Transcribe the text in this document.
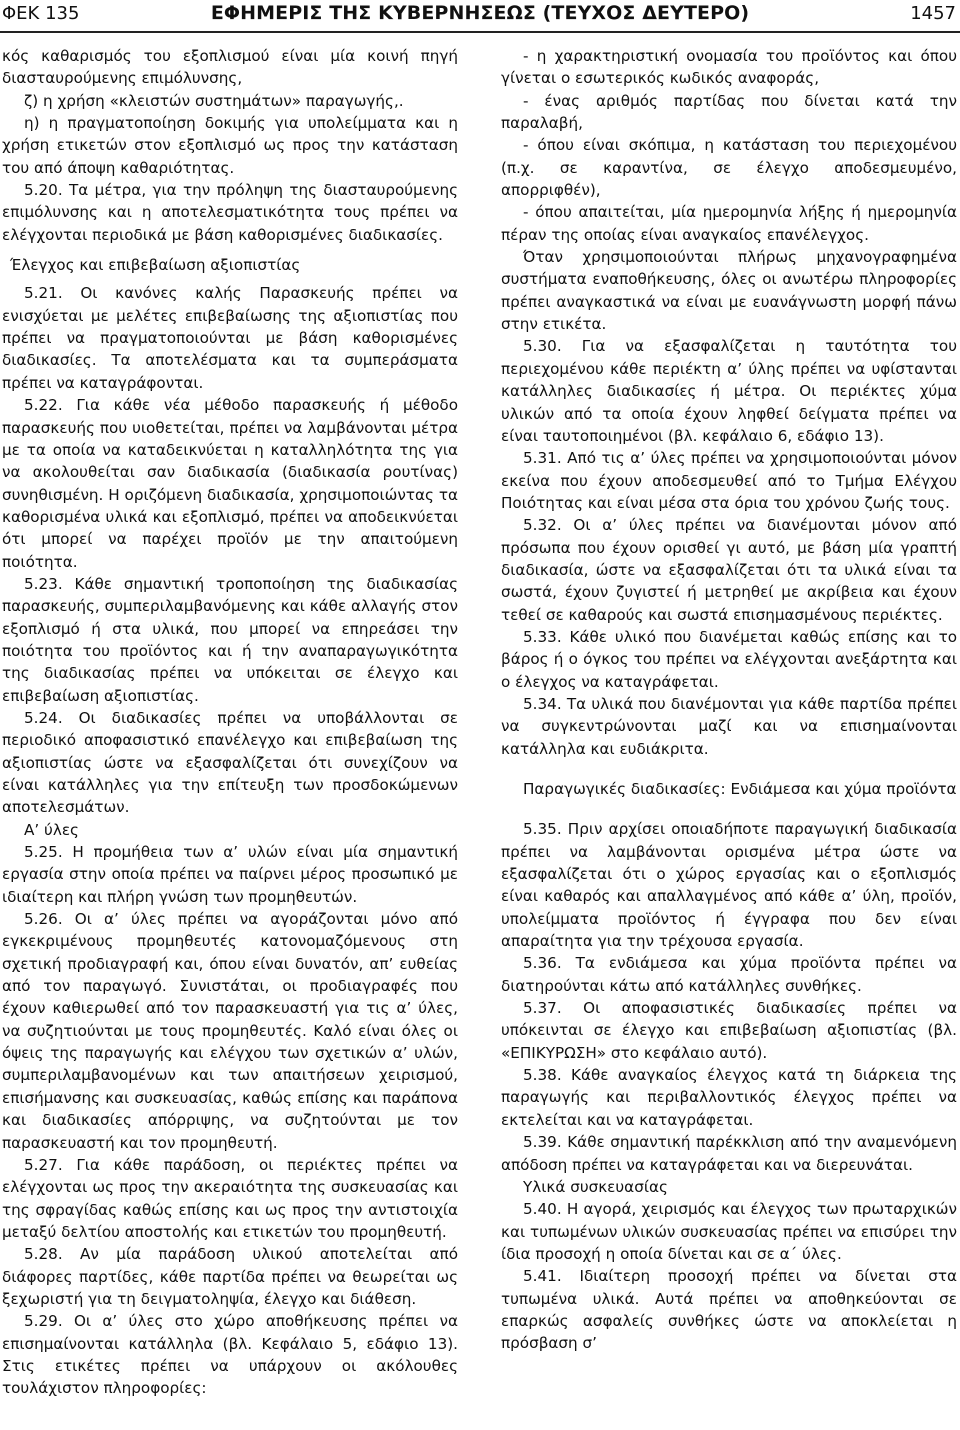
ΦΕΚ 135	ΕΦΗΜΕΡΙΣ ΤΗΣ ΚΥΒΕΡΝΗΣΕΩΣ (ΤΕΥΧΟΣ ΔΕΥΤΕΡΟ)	1457

κός καθαρισμός του εξοπλισμού είναι μία κοινή πηγή διασταυρούμενης επιμόλυνσης,

ζ) η χρήση «κλειστών συστημάτων» παραγωγής,.

η) η πραγματοποίηση δοκιμής για υπολείμματα και η χρήση ετικετών στον εξοπλισμό ως προς την κατάσταση του από άποψη καθαριότητας.

5.20. Τα μέτρα, για την πρόληψη της διασταυρούμενης επιμόλυνσης και η αποτελεσματικότητα τους πρέπει να ελέγχονται περιοδικά με βάση καθορισμένες διαδικασίες.

Έλεγχος και επιβεβαίωση αξιοπιστίας

5.21. Οι κανόνες καλής Παρασκευής πρέπει να ενισχύεται με μελέτες επιβεβαίωσης της αξιοπιστίας που πρέπει να πραγματοποιούνται με βάση καθορισμένες διαδικασίες. Τα αποτελέσματα και τα συμπεράσματα πρέπει να καταγράφονται.

5.22. Για κάθε νέα μέθοδο παρασκευής ή μέθοδο παρασκευής που υιοθετείται, πρέπει να λαμβάνονται μέτρα με τα οποία να καταδεικνύεται η καταλληλότητα της για να ακολουθείται σαν διαδικασία (διαδικασία ρουτίνας) συνηθισμένη. Η οριζόμενη διαδικασία, χρησιμοποιώντας τα καθορισμένα υλικά και εξοπλισμό, πρέπει να αποδεικνύεται ότι μπορεί να παρέχει προϊόν με την απαιτούμενη ποιότητα.

5.23. Κάθε σημαντική τροποποίηση της διαδικασίας παρασκευής, συμπεριλαμβανόμενης και κάθε αλλαγής στον εξοπλισμό ή στα υλικά, που μπορεί να επηρεάσει την ποιότητα του προϊόντος και ή την αναπαραγωγικότητα της διαδικασίας πρέπει να υπόκειται σε έλεγχο και επιβεβαίωση αξιοπιστίας.

5.24. Οι διαδικασίες πρέπει να υποβάλλονται σε περιοδικό αποφασιστικό επανέλεγχο και επιβεβαίωση της αξιοπιστίας ώστε να εξασφαλίζεται ότι συνεχίζουν να είναι κατάλληλες για την επίτευξη των προσδοκώμενων αποτελεσμάτων.

Α’ ύλες

5.25. Η προμήθεια των α’ υλών είναι μία σημαντική εργασία στην οποία πρέπει να παίρνει μέρος προσωπικό με ιδιαίτερη και πλήρη γνώση των προμηθευτών.

5.26. Οι α’ ύλες πρέπει να αγοράζονται μόνο από εγκεκριμένους προμηθευτές κατονομαζόμενους στη σχετική προδιαγραφή και, όπου είναι δυνατόν, απ’ ευθείας από τον παραγωγό. Συνιστάται, οι προδιαγραφές που έχουν καθιερωθεί από τον παρασκευαστή για τις α’ ύλες, να συζητιούνται με τους προμηθευτές. Καλό είναι όλες οι όψεις της παραγωγής και ελέγχου των σχετικών α’ υλών, συμπεριλαμβανομένων και των απαιτήσεων χειρισμού, επισήμανσης και συσκευασίας, καθώς επίσης και παράπονα και διαδικασίες απόρριψης, να συζητούνται με τον παρασκευαστή και τον προμηθευτή.

5.27. Για κάθε παράδοση, οι περιέκτες πρέπει να ελέγχονται ως προς την ακεραιότητα της συσκευασίας και της σφραγίδας καθώς επίσης και ως προς την αντιστοιχία μεταξύ δελτίου αποστολής και ετικετών του προμηθευτή.

5.28. Αν μία παράδοση υλικού αποτελείται από διάφορες παρτίδες, κάθε παρτίδα πρέπει να θεωρείται ως ξεχωριστή για τη δειγματοληψία, έλεγχο και διάθεση.

5.29. Οι α’ ύλες στο χώρο αποθήκευσης πρέπει να επισημαίνονται κατάλληλα (βλ. Κεφάλαιο 5, εδάφιο 13). Στις ετικέτες πρέπει να υπάρχουν οι ακόλουθες τουλάχιστον πληροφορίες:

- η χαρακτηριστική ονομασία του προϊόντος και όπου γίνεται ο εσωτερικός κωδικός αναφοράς,

- ένας αριθμός παρτίδας που δίνεται κατά την παραλαβή,

- όπου είναι σκόπιμα, η κατάσταση του περιεχομένου (π.χ. σε καραντίνα, σε έλεγχο αποδεσμευμένο, απορριφθέν),

- όπου απαιτείται, μία ημερομηνία λήξης ή ημερομηνία πέραν της οποίας είναι αναγκαίος επανέλεγχος.

Όταν χρησιμοποιούνται πλήρως μηχανογραφημένα συστήματα εναποθήκευσης, όλες οι ανωτέρω πληροφορίες πρέπει αναγκαστικά να είναι με ευανάγνωστη μορφή πάνω στην ετικέτα.

5.30. Για να εξασφαλίζεται η ταυτότητα του περιεχομένου κάθε περιέκτη α’ ύλης πρέπει να υφίστανται κατάλληλες διαδικασίες ή μέτρα. Οι περιέκτες χύμα υλικών από τα οποία έχουν ληφθεί δείγματα πρέπει να είναι ταυτοποιημένοι (βλ. κεφάλαιο 6, εδάφιο 13).

5.31. Από τις α’ ύλες πρέπει να χρησιμοποιούνται μόνον εκείνα που έχουν αποδεσμευθεί από το Τμήμα Ελέγχου Ποιότητας και είναι μέσα στα όρια του χρόνου ζωής τους.

5.32. Οι α’ ύλες πρέπει να διανέμονται μόνον από πρόσωπα που έχουν ορισθεί γι αυτό, με βάση μία γραπτή διαδικασία, ώστε να εξασφαλίζεται ότι τα υλικά είναι τα σωστά, έχουν ζυγιστεί ή μετρηθεί με ακρίβεια και έχουν τεθεί σε καθαρούς και σωστά επισημασμένους περιέκτες.

5.33. Κάθε υλικό που διανέμεται καθώς επίσης και το βάρος ή ο όγκος του πρέπει να ελέγχονται ανεξάρτητα και ο έλεγχος να καταγράφεται.

5.34. Τα υλικά που διανέμονται για κάθε παρτίδα πρέπει να συγκεντρώνονται μαζί και να επισημαίνονται κατάλληλα και ευδιάκριτα.

Παραγωγικές διαδικασίες: Ενδιάμεσα και χύμα προϊόντα

5.35. Πριν αρχίσει οποιαδήποτε παραγωγική διαδικασία πρέπει να λαμβάνονται ορισμένα μέτρα ώστε να εξασφαλίζεται ότι ο χώρος εργασίας και ο εξοπλισμός είναι καθαρός και απαλλαγμένος από κάθε α’ ύλη, προϊόν, υπολείμματα προϊόντος ή έγγραφα που δεν είναι απαραίτητα για την τρέχουσα εργασία.

5.36. Τα ενδιάμεσα και χύμα προϊόντα πρέπει να διατηρούνται κάτω από κατάλληλες συνθήκες.

5.37. Οι αποφασιστικές διαδικασίες πρέπει να υπόκεινται σε έλεγχο και επιβεβαίωση αξιοπιστίας (βλ. «ΕΠΙΚΥΡΩΣΗ» στο κεφάλαιο αυτό).

5.38. Κάθε αναγκαίος έλεγχος κατά τη διάρκεια της παραγωγής και περιβαλλοντικός έλεγχος πρέπει να εκτελείται και να καταγράφεται.

5.39. Κάθε σημαντική παρέκκλιση από την αναμενόμενη απόδοση πρέπει να καταγράφεται και να διερευνάται.

Υλικά συσκευασίας

5.40. Η αγορά, χειρισμός και έλεγχος των πρωταρχικών και τυπωμένων υλικών συσκευασίας πρέπει να επισύρει την ίδια προσοχή η οποία δίνεται και σε α΄ ύλες.

5.41. Ιδιαίτερη προσοχή πρέπει να δίνεται στα τυπωμένα υλικά. Αυτά πρέπει να αποθηκεύονται σε επαρκώς ασφαλείς συνθήκες ώστε να αποκλείεται η πρόσβαση σ’
